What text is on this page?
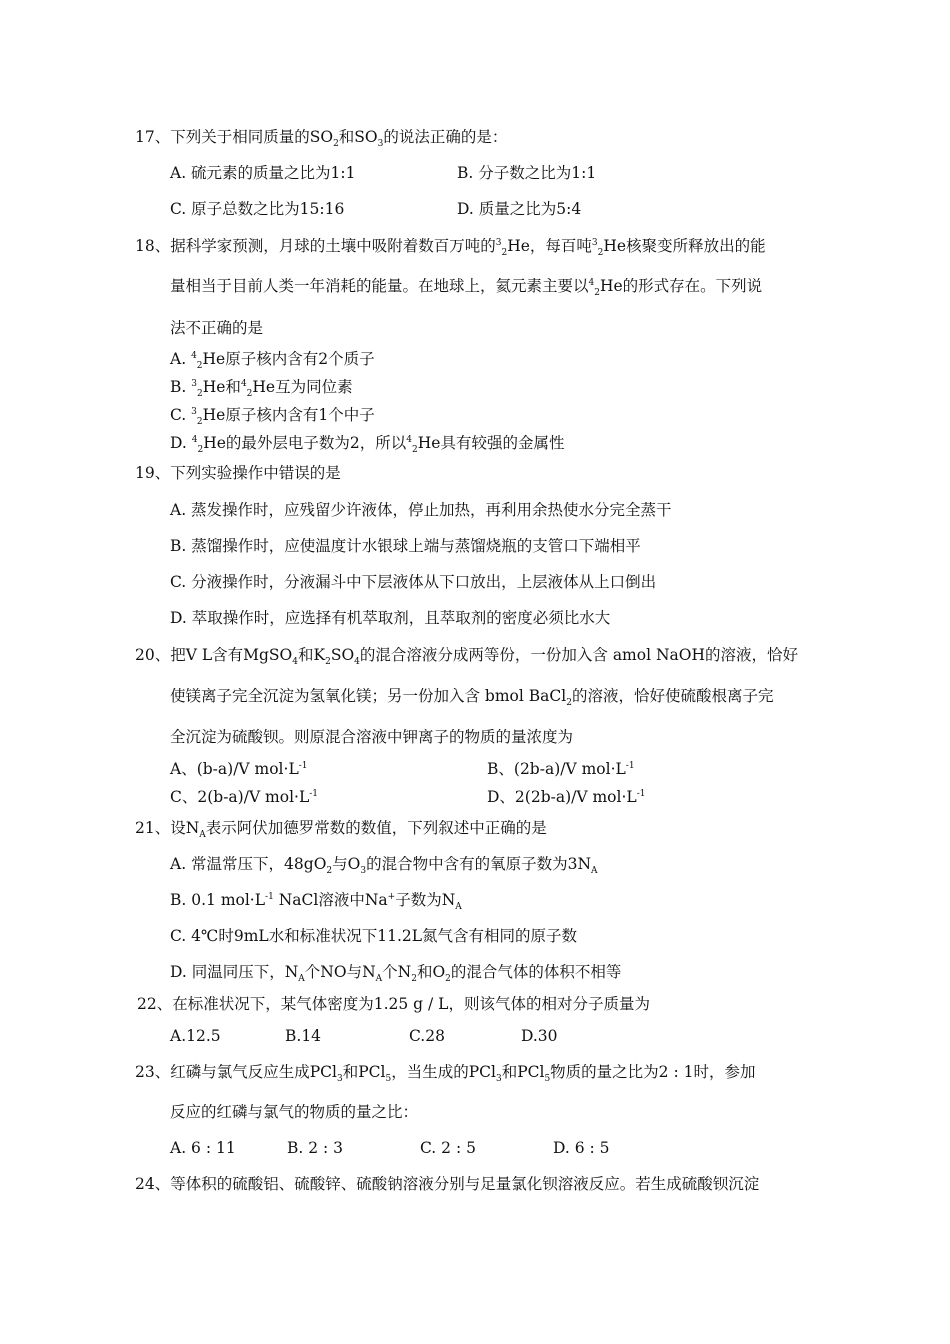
17、下列关于相同质量的$SO_2$和$SO_3$的说法正确的是：
A. 硫元素的质量之比为1:1	B. 分子数之比为1:1
C. 原子总数之比为15:16	D. 质量之比为5:4
18、据科学家预测，月球的土壤中吸附着数百万吨的$^3_2$He，每百吨$^3_2$He核聚变所释放出的能
量相当于目前人类一年消耗的能量。在地球上，氦元素主要以$^4_2$He的形式存在。下列说
法不正确的是
A. $^4_2$He原子核内含有2个质子
B. $^3_2$He和$^4_2$He互为同位素
C. $^3_2$He原子核内含有1个中子
D. $^4_2$He的最外层电子数为2，所以$^4_2$He具有较强的金属性
19、下列实验操作中错误的是
A. 蒸发操作时，应残留少许液体，停止加热，再利用余热使水分完全蒸干
B. 蒸馏操作时，应使温度计水银球上端与蒸馏烧瓶的支管口下端相平
C. 分液操作时，分液漏斗中下层液体从下口放出，上层液体从上口倒出
D. 萃取操作时，应选择有机萃取剂，且萃取剂的密度必须比水大
20、把V L含有MgSO$_4$和$K_2SO_4$的混合溶液分成两等份，一份加入含 amol NaOH的溶液，恰好
使镁离子完全沉淀为氢氧化镁；另一份加入含 bmol BaCl$_2$的溶液，恰好使硫酸根离子完
全沉淀为硫酸钡。则原混合溶液中钾离子的物质的量浓度为
A、(b-a)/V $mol\cdot L^{-1}$	B、(2b-a)/V $mol\cdot L^{-1}$
C、2(b-a)/V $mol\cdot L^{-1}$	D、2(2b-a)/V $mol\cdot L^{-1}$
21、设$N_A$表示阿伏加德罗常数的数值，下列叙述中正确的是
A. 常温常压下，$48gO_2$与$O_3$的混合物中含有的氧原子数为$3N_A$
B. 0.1 $mol\cdot L^{-1}$ NaCl溶液中Na+子数为$N_A$
C. 4℃时9mL水和标准状况下11.2L氮气含有相同的原子数
D. 同温同压下，$N_A$个NO与$N_A$个$N_2$和$O_2$的混合气体的体积不相等
22、在标准状况下，某气体密度为1.25 g / L，则该气体的相对分子质量为
A.12.5	B.14	C.28	D.30
23、红磷与氯气反应生成PCl$_3$和PCl$_5$，当生成的PCl$_3$和PCl$_5$物质的量之比为2 : 1时，参加
反应的红磷与氯气的物质的量之比：
A. 6 : 11	B. 2 : 3	C. 2 : 5	D. 6 : 5
24、等体积的硫酸铝、硫酸锌、硫酸钠溶液分别与足量氯化钡溶液反应。若生成硫酸钡沉淀
